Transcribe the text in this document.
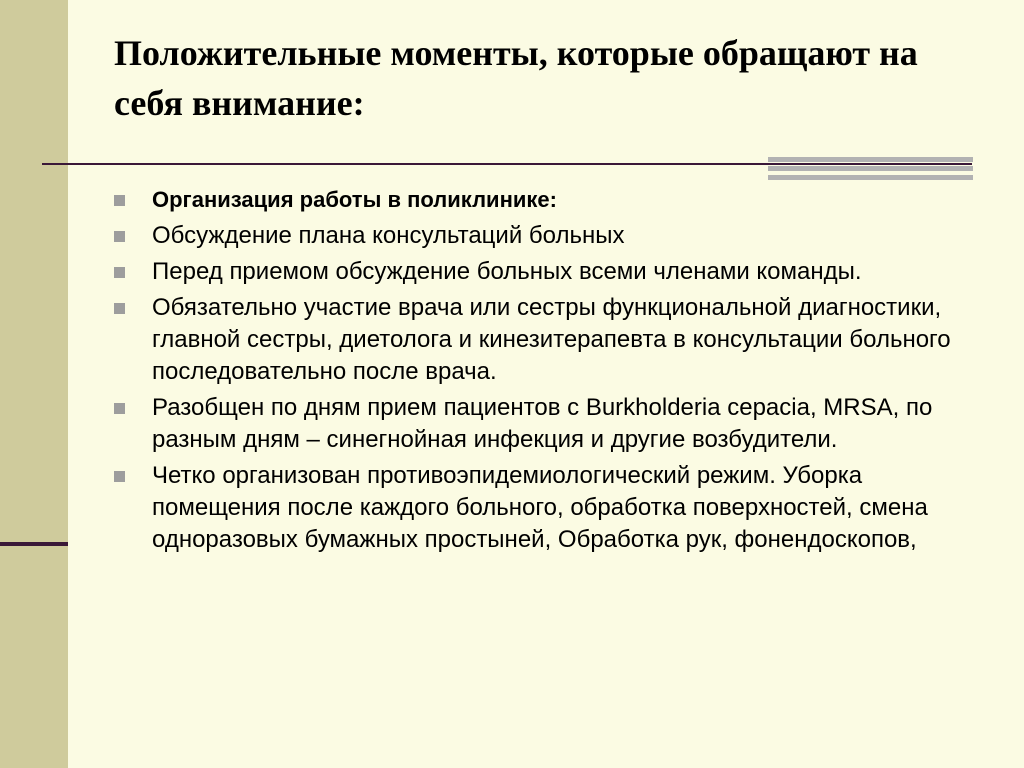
Положительные моменты, которые обращают на себя внимание:
Организация работы в поликлинике:
Обсуждение плана консультаций больных
Перед приемом обсуждение больных всеми членами команды.
Обязательно участие врача или сестры функциональной диагностики, главной сестры, диетолога и кинезитерапевта в консультации больного последовательно после врача.
Разобщен по дням прием пациентов с Burkholderia cepacia, MRSA, по разным дням – синегнойная инфекция и другие возбудители.
Четко организован противоэпидемиологический режим. Уборка помещения после каждого больного, обработка поверхностей, смена одноразовых бумажных простыней, Обработка рук, фонендоскопов,
